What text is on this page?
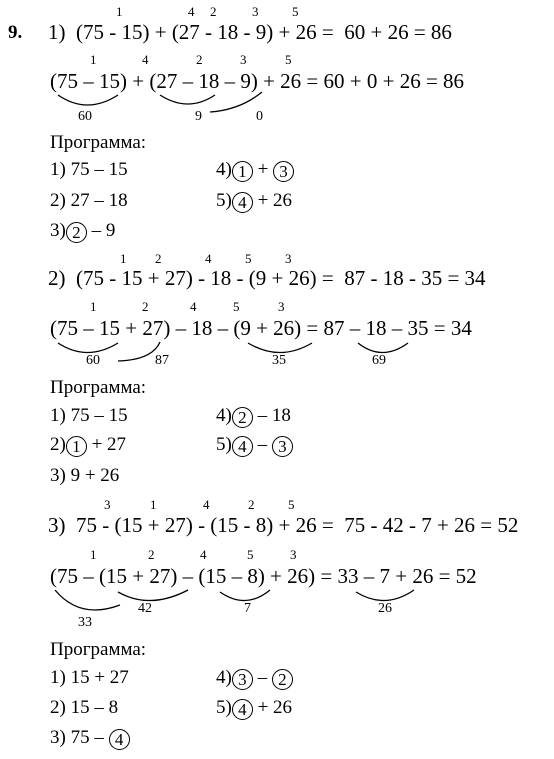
9. 1)  (75 - 15) + (27 - 18 - 9) + 26 =  60 + 26 = 86
1	4 2	3	5
(75 – 15) + (27 – 18 – 9) + 26 = 60 + 0 + 26 = 86
1	4	2	3	5
60	9	0
Программа:
1) 75 – 15
2) 27 – 18
3) 2 – 9
4) 1 + 3
5) 4 + 26
2)  (75 - 15 + 27) - 18 - (9 + 26) =  87 - 18 - 35 = 34
1 2	4	5	3
(75 – 15 + 27) – 18 – (9 + 26) = 87 – 18 – 35 = 34
1	2	4	5	3
60	87	35	69
Программа:
1) 75 – 15
2) 1 + 27
3) 9 + 26
4) 2 – 18
5) 4 – 3
3)  75 - (15 + 27) - (15 - 8) + 26 =  75 - 42 - 7 + 26 = 52
3	1	4	2	5
(75 – (15 + 27) – (15 – 8) + 26) = 33 – 7 + 26 = 52
1	2	4	5	3
33
42	7	26
Программа:
1) 15 + 27
2) 15 – 8
3) 75 – 4
4) 3 – 2
5) 4 + 26
